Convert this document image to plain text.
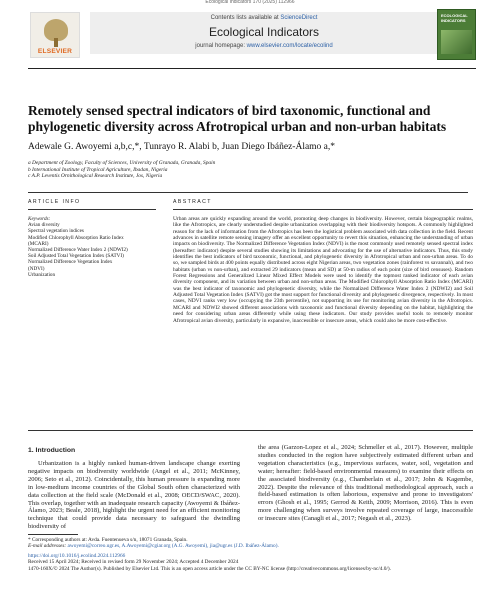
Ecological Indicators 170 (2025) 112966
ELSEVIER
Contents lists available at ScienceDirect
Ecological Indicators
journal homepage: www.elsevier.com/locate/ecolind
ECOLOGICAL INDICATORS
Remotely sensed spectral indicators of bird taxonomic, functional and
phylogenetic diversity across Afrotropical urban and non-urban habitats
Adewale G. Awoyemi a,b,c,*, Tunrayo R. Alabi b, Juan Diego Ibáñez-Álamo a,*
a Department of Zoology, Faculty of Sciences, University of Granada, Granada, Spain
b International Institute of Tropical Agriculture, Ibadan, Nigeria
c A.P. Leventis Ornithological Research Institute, Jos, Nigeria
ARTICLE INFO	ABSTRACT
Keywords:
Avian diversity
Spectral vegetation indices
Modified Chlorophyll Absorption Ratio Index
(MCARI)
Normalized Difference Water Index 2 (NDWI2)
Soil Adjusted Total Vegetation Index (SATVI)
Normalized Difference Vegetation Index
(NDVI)
Urbanization
Urban areas are quickly expanding around the world, promoting deep changes in biodiversity. However, certain biogeographic realms, like the Afrotropics, are clearly understudied despite urbanization overlapping with their biodiversity hotspots. A commonly highlighted reason for the lack of information from the Afrotropics has been the logistical problem associated with data collection in the field. Recent advances in satellite remote sensing imagery offer an excellent opportunity to revert this situation, enhancing the understanding of urban impacts on biodiversity. The Normalized Difference Vegetation Index (NDVI) is the most commonly used remotely sensed spectral index (hereafter: indicator) despite several studies showing its limitations and advocating for the use of alternative indicators. Thus, this study identifies the best indicators of bird taxonomic, functional, and phylogenetic diversity in Afrotropical urban and non-urban areas. To do so, we sampled birds at 400 points equally distributed across eight Nigerian areas, two vegetation zones (rainforest vs savannah), and two habitats (urban vs non-urban), and extracted 29 indicators (mean and SD) at 50-m radius of each point (size of bird censuses). Random Forest Regressions and Generalized Linear Mixed Effect Models were used to identify the topmost ranked indicator of each avian diversity component, and its variation between urban and non-urban areas. The Modified Chlorophyll Absorption Ratio Index (MCARI) was the best indicator of taxonomic and phylogenetic diversity, while the Normalized Difference Water Index 2 (NDWI2) and Soil Adjusted Total Vegetation Index (SATVI) got the most support for functional diversity and phylogenetic divergence, respectively. In most cases, NDVI ranks very low (occupying the 23th percentile), not supporting its use for monitoring avian diversity in the Afrotropics. MCARI and NDWI2 showed different associations with taxonomic and functional diversity depending on the habitat, highlighting the need for considering urban areas differently while using these indicators. Our study provides useful tools to remotely monitor Afrotropical avian diversity, particularly in expansive, inaccessible or insecure areas, which could also be more cost-effective.
1. Introduction
Urbanization is a highly ranked human-driven landscape change exerting negative impacts on biodiversity worldwide (Angel et al., 2011; McKinney, 2006; Seto et al., 2012). Coincidentally, this human pressure is expanding more in low-medium income countries of the Global South often characterized with data collection at the field scale (McDonald et al., 2008; OECD/SWAC, 2020). This overlap, together with an inadequate research capacity (Awoyemi & Ibáñez-Álamo, 2023; Beale, 2018), highlight the urgent need for an efficient monitoring technique that could provide data necessary to safeguard the dwindling biodiversity of
the area (Garzon-Lopez et al., 2024; Schmeller et al., 2017). However, multiple studies conducted in the region have subjectively estimated different urban and vegetation characteristics (e.g., impervious surfaces, water, soil, vegetation and water; hereafter: field-based environmental measures) to examine their effects on the associated biodiversity (e.g., Chamberlain et al., 2017; John & Kagembe, 2022). Despite the relevance of this traditional methodological approach, such a field-based estimation is often laborious, expensive and prone to investigators' errors (Ghosh et al., 1995; Gerrod & Keith, 2009; Morrison, 2016). This is even more challenging when surveys involve repeated coverage of large, inaccessible or insecure sites (Canagli et al., 2017; Negash et al., 2023).
* Corresponding authors at: Avda. Fuentenueva s/n, 18071 Granada, Spain.
E-mail addresses: awoyemi@correo.ugr.es, A.Awoyemi@cgiar.org (A.G. Awoyemi), jia@ugr.es (J.D. Ibáñez-Álamo).
https://doi.org/10.1016/j.ecolind.2024.112966
Received 15 April 2024; Received in revised form 29 November 2024; Accepted 4 December 2024
1470-160X/© 2024 The Author(s). Published by Elsevier Ltd. This is an open access article under the CC BY-NC license (http://creativecommons.org/licenses/by-nc/4.0/).
